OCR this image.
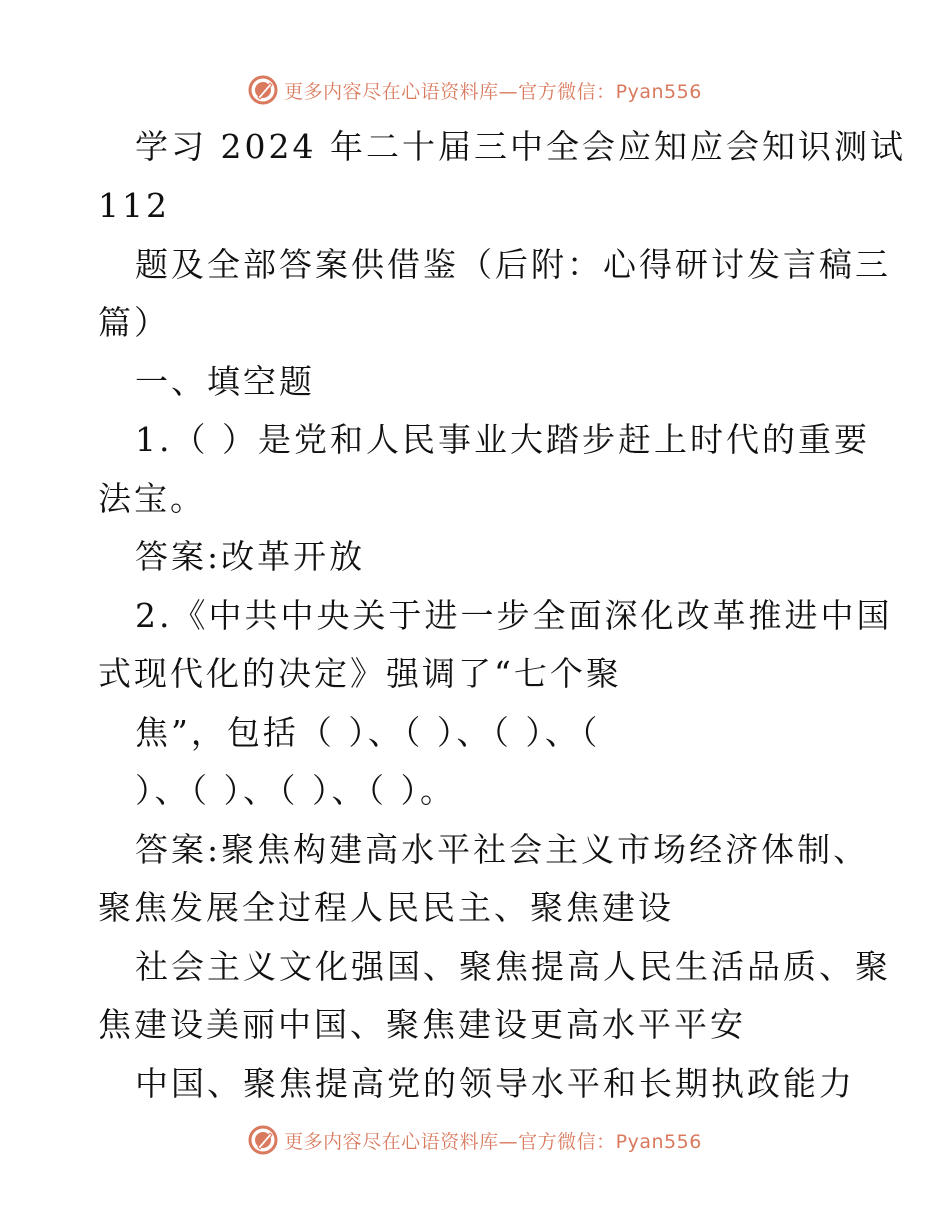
更多内容尽在心语资料库—官方微信：Pyan556
学习 2024 年二十届三中全会应知应会知识测试
112
题及全部答案供借鉴（后附：心得研讨发言稿三
篇）
一、填空题
1.（ ）是党和人民事业大踏步赶上时代的重要
法宝。
答案:改革开放
2.《中共中央关于进一步全面深化改革推进中国
式现代化的决定》强调了“七个聚
焦”，包括（ ）、（ ）、（ ）、（
）、（ ）、（ ）、（ ）。
答案:聚焦构建高水平社会主义市场经济体制、
聚焦发展全过程人民民主、聚焦建设
社会主义文化强国、聚焦提高人民生活品质、聚
焦建设美丽中国、聚焦建设更高水平平安
中国、聚焦提高党的领导水平和长期执政能力
更多内容尽在心语资料库—官方微信：Pyan556
